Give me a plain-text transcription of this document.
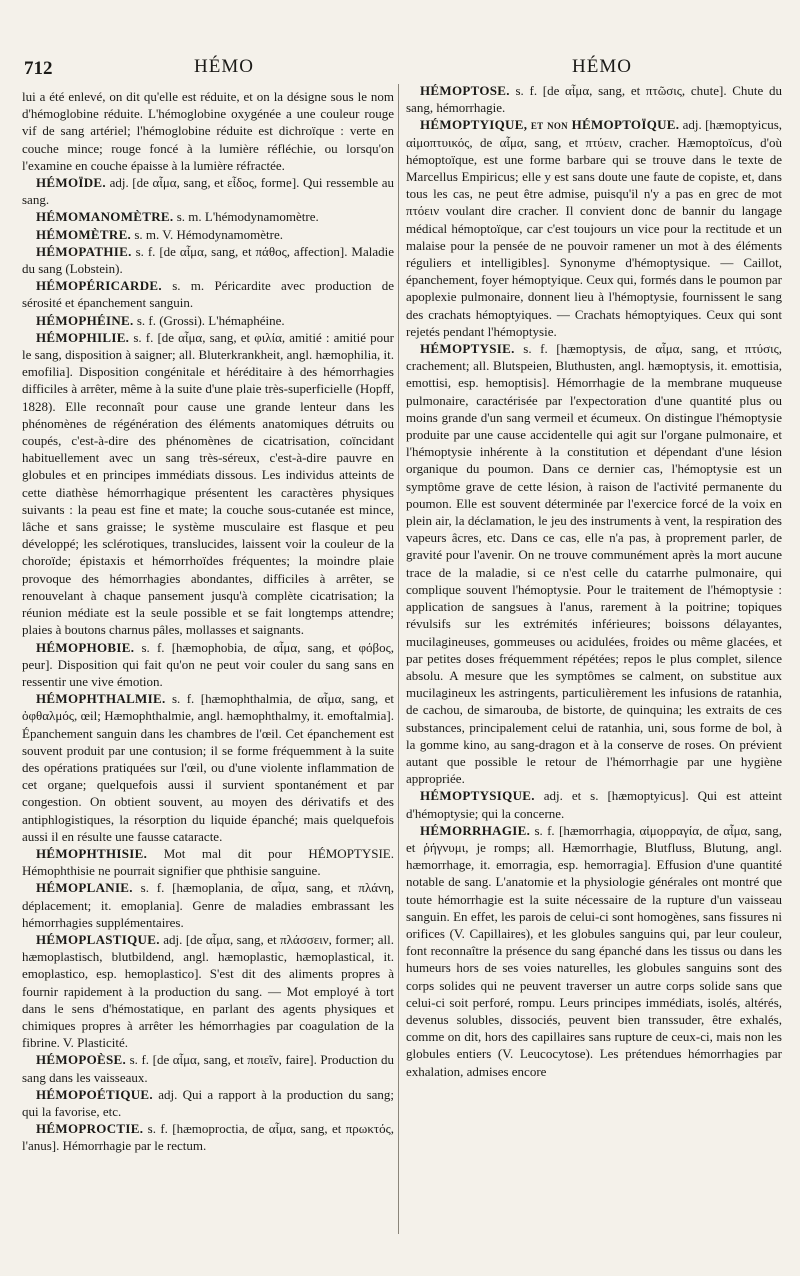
712	HÉMO	HÉMO

lui a été enlevé, on dit qu'elle est réduite, et on la désigne sous le nom d'hémoglobine réduite. L'hémoglobine oxygénée a une couleur rouge vif de sang artériel; l'hémoglobine réduite est dichroïque : verte en couche mince; rouge foncé à la lumière réfléchie, ou lorsqu'on l'examine en couche épaisse à la lumière réfractée.

HÉMOÏDE. adj. [de αἷμα, sang, et εἶδος, forme]. Qui ressemble au sang.

HÉMOMANOMÈTRE. s. m. L'hémodynamomètre.

HÉMOMÈTRE. s. m. V. Hémodynamomètre.

HÉMOPATHIE. s. f. [de αἷμα, sang, et πάθος, affection]. Maladie du sang (Lobstein).

HÉMOPÉRICARDE. s. m. Péricardite avec production de sérosité et épanchement sanguin.

HÉMOPHÉINE. s. f. (Grossi). L'hémaphéine.

HÉMOPHILIE. s. f. [de αἷμα, sang, et φιλία, amitié : amitié pour le sang, disposition à saigner; all. Bluterkrankheit, angl. hæmophilia, it. emofilia]. Disposition congénitale et héréditaire à des hémorrhagies difficiles à arrêter, même à la suite d'une plaie très-superficielle (Hopff, 1828). Elle reconnaît pour cause une grande lenteur dans les phénomènes de régénération des éléments anatomiques détruits ou coupés, c'est-à-dire des phénomènes de cicatrisation, coïncidant habituellement avec un sang très-séreux, c'est-à-dire pauvre en globules et en principes immédiats dissous. Les individus atteints de cette diathèse hémorrhagique présentent les caractères physiques suivants : la peau est fine et mate; la couche sous-cutanée est mince, lâche et sans graisse; le système musculaire est flasque et peu développé; les sclérotiques, translucides, laissent voir la couleur de la choroïde; épistaxis et hémorrhoïdes fréquentes; la moindre plaie provoque des hémorrhagies abondantes, difficiles à arrêter, se renouvelant à chaque pansement jusqu'à complète cicatrisation; la réunion médiate est la seule possible et se fait longtemps attendre; plaies à boutons charnus pâles, mollasses et saignants.

HÉMOPHOBIE. s. f. [hæmophobia, de αἷμα, sang, et φόβος, peur]. Disposition qui fait qu'on ne peut voir couler du sang sans en ressentir une vive émotion.

HÉMOPHTHALMIE. s. f. [hæmophthalmia, de αἷμα, sang, et ὀφθαλμός, œil; Hæmophthalmie, angl. hæmophthalmy, it. emoftalmia]. Épanchement sanguin dans les chambres de l'œil. Cet épanchement est souvent produit par une contusion; il se forme fréquemment à la suite des opérations pratiquées sur l'œil, ou d'une violente inflammation de cet organe; quelquefois aussi il survient spontanément et par congestion. On obtient souvent, au moyen des dérivatifs et des antiphlogistiques, la résorption du liquide épanché; mais quelquefois aussi il en résulte une fausse cataracte.

HÉMOPHTHISIE. Mot mal dit pour HÉMOPTYSIE. Hémophthisie ne pourrait signifier que phthisie sanguine.

HÉMOPLANIE. s. f. [hæmoplania, de αἷμα, sang, et πλάνη, déplacement; it. emoplania]. Genre de maladies embrassant les hémorrhagies supplémentaires.

HÉMOPLASTIQUE. adj. [de αἷμα, sang, et πλάσσειν, former; all. hæmoplastisch, blutbildend, angl. hæmoplastic, hæmoplastical, it. emoplastico, esp. hemoplastico]. S'est dit des aliments propres à fournir rapidement à la production du sang. — Mot employé à tort dans le sens d'hémostatique, en parlant des agents physiques et chimiques propres à arrêter les hémorrhagies par coagulation de la fibrine. V. Plasticité.

HÉMOPOÈSE. s. f. [de αἷμα, sang, et ποιεῖν, faire]. Production du sang dans les vaisseaux.

HÉMOPOÉTIQUE. adj. Qui a rapport à la production du sang; qui la favorise, etc.

HÉMOPROCTIE. s. f. [hæmoproctia, de αἷμα, sang, et πρωκτός, l'anus]. Hémorrhagie par le rectum.

HÉMOPTOSE. s. f. [de αἷμα, sang, et πτῶσις, chute]. Chute du sang, hémorrhagie.

HÉMOPTYIQUE, et non HÉMOPTOÏQUE. adj. [hæmoptyicus, αἱμοπτυικός, de αἷμα, sang, et πτύειν, cracher. Hæmoptoïcus, d'où hémoptoïque, est une forme barbare qui se trouve dans le texte de Marcellus Empiricus; elle y est sans doute une faute de copiste, et, dans tous les cas, ne peut être admise, puisqu'il n'y a pas en grec de mot πτόειν voulant dire cracher. Il convient donc de bannir du langage médical hémoptoïque, car c'est toujours un vice pour la rectitude et un malaise pour la pensée de ne pouvoir ramener un mot à des éléments réguliers et intelligibles]. Synonyme d'hémoptysique. — Caillot, épanchement, foyer hémoptyique. Ceux qui, formés dans le poumon par apoplexie pulmonaire, donnent lieu à l'hémoptysie, fournissent le sang des crachats hémoptyiques. — Crachats hémoptyiques. Ceux qui sont rejetés pendant l'hémoptysie.

HÉMOPTYSIE. s. f. [hæmoptysis, de αἷμα, sang, et πτύσις, crachement; all. Blutspeien, Bluthusten, angl. hæmoptysis, it. emottisia, emottisi, esp. hemoptisis]. Hémorrhagie de la membrane muqueuse pulmonaire, caractérisée par l'expectoration d'une quantité plus ou moins grande d'un sang vermeil et écumeux. On distingue l'hémoptysie produite par une cause accidentelle qui agit sur l'organe pulmonaire, et l'hémoptysie inhérente à la constitution et dépendant d'une lésion organique du poumon. Dans ce dernier cas, l'hémoptysie est un symptôme grave de cette lésion, à raison de l'activité permanente du poumon. Elle est souvent déterminée par l'exercice forcé de la voix en plein air, la déclamation, le jeu des instruments à vent, la respiration des vapeurs âcres, etc. Dans ce cas, elle n'a pas, à proprement parler, de gravité pour l'avenir. On ne trouve communément après la mort aucune trace de la maladie, si ce n'est celle du catarrhe pulmonaire, qui complique souvent l'hémoptysie. Pour le traitement de l'hémoptysie : application de sangsues à l'anus, rarement à la poitrine; topiques révulsifs sur les extrémités inférieures; boissons délayantes, mucilagineuses, gommeuses ou acidulées, froides ou même glacées, et par petites doses fréquemment répétées; repos le plus complet, silence absolu. A mesure que les symptômes se calment, on substitue aux mucilagineux les astringents, particulièrement les infusions de ratanhia, de cachou, de simarouba, de bistorte, de quinquina; les extraits de ces substances, principalement celui de ratanhia, uni, sous forme de bol, à la gomme kino, au sang-dragon et à la conserve de roses. On prévient autant que possible le retour de l'hémorrhagie par une hygiène appropriée.

HÉMOPTYSIQUE. adj. et s. [hæmoptyicus]. Qui est atteint d'hémoptysie; qui la concerne.

HÉMORRHAGIE. s. f. [hæmorrhagia, αἱμορραγία, de αἷμα, sang, et ῥήγνυμι, je romps; all. Hæmorrhagie, Blutfluss, Blutung, angl. hæmorrhage, it. emorragia, esp. hemorragia]. Effusion d'une quantité notable de sang. L'anatomie et la physiologie générales ont montré que toute hémorrhagie est la suite nécessaire de la rupture d'un vaisseau sanguin. En effet, les parois de celui-ci sont homogènes, sans fissures ni orifices (V. Capillaires), et les globules sanguins qui, par leur couleur, font reconnaître la présence du sang épanché dans les tissus ou dans les humeurs hors de ses voies naturelles, les globules sanguins sont des corps solides qui ne peuvent traverser un autre corps solide sans que celui-ci soit perforé, rompu. Leurs principes immédiats, isolés, altérés, devenus solubles, dissociés, peuvent bien transsuder, être exhalés, comme on dit, hors des capillaires sans rupture de ceux-ci, mais non les globules entiers (V. Leucocytose). Les prétendues hémorrhagies par exhalation, admises encore
